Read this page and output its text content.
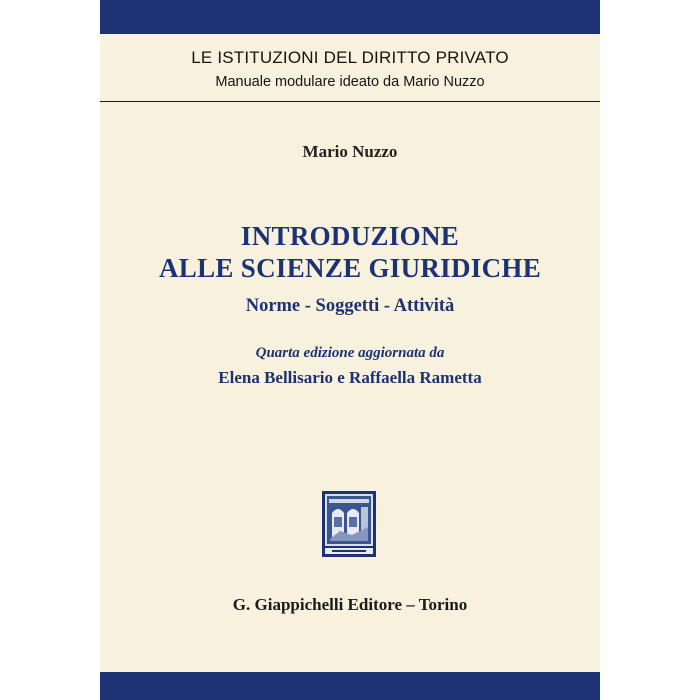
LE ISTITUZIONI DEL DIRITTO PRIVATO
Manuale modulare ideato da Mario Nuzzo
Mario Nuzzo
INTRODUZIONE
ALLE SCIENZE GIURIDICHE
Norme - Soggetti - Attività
Quarta edizione aggiornata da
Elena Bellisario e Raffaella Rametta
G. Giappichelli Editore – Torino
